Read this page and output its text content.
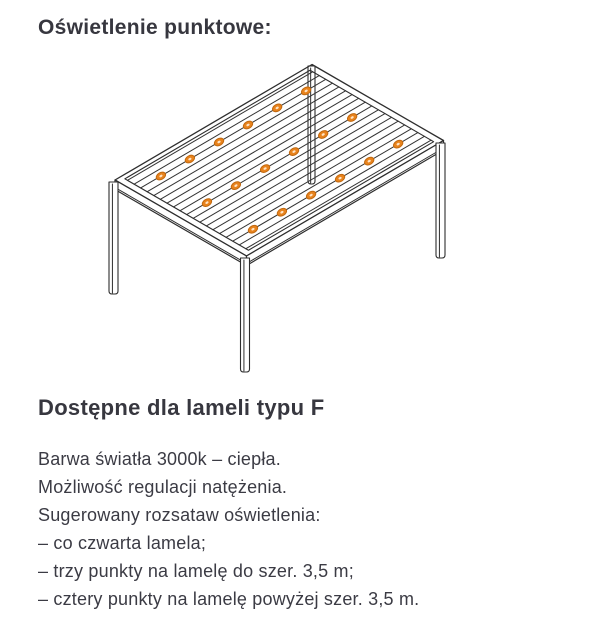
Oświetlenie punktowe:
Dostępne dla lameli typu F

Barwa światła 3000k – ciepła.

Możliwość regulacji natężenia.

Sugerowany rozsataw oświetlenia:

– co czwarta lamela;

– trzy punkty na lamelę do szer. 3,5 m;

– cztery punkty na lamelę powyżej szer. 3,5 m.
